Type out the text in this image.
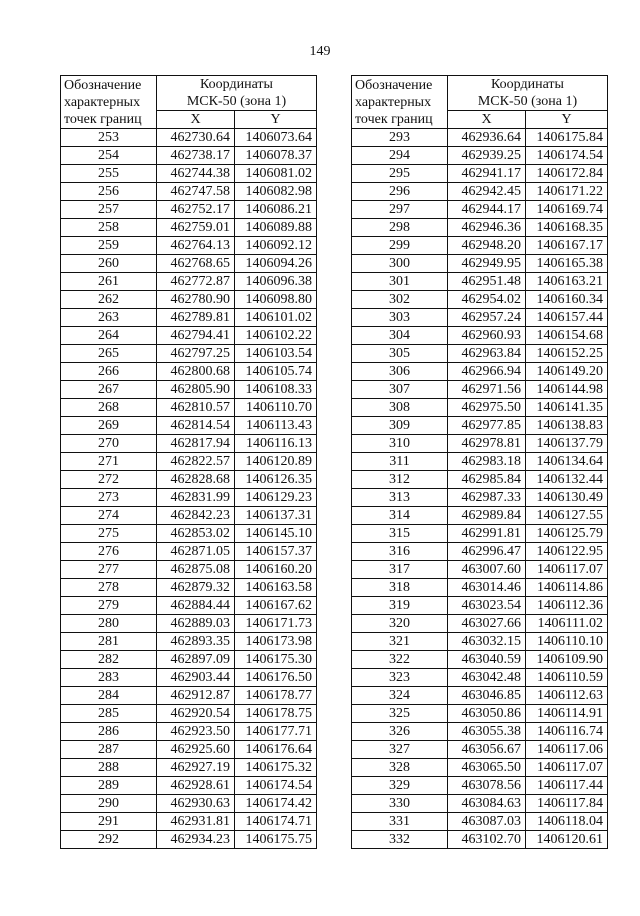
149
Обозначение
характерных
точек границ	Координаты
МСК-50 (зона 1)	
	X	Y
253	462730.64	1406073.64
254	462738.17	1406078.37
255	462744.38	1406081.02
256	462747.58	1406082.98
257	462752.17	1406086.21
258	462759.01	1406089.88
259	462764.13	1406092.12
260	462768.65	1406094.26
261	462772.87	1406096.38
262	462780.90	1406098.80
263	462789.81	1406101.02
264	462794.41	1406102.22
265	462797.25	1406103.54
266	462800.68	1406105.74
267	462805.90	1406108.33
268	462810.57	1406110.70
269	462814.54	1406113.43
270	462817.94	1406116.13
271	462822.57	1406120.89
272	462828.68	1406126.35
273	462831.99	1406129.23
274	462842.23	1406137.31
275	462853.02	1406145.10
276	462871.05	1406157.37
277	462875.08	1406160.20
278	462879.32	1406163.58
279	462884.44	1406167.62
280	462889.03	1406171.73
281	462893.35	1406173.98
282	462897.09	1406175.30
283	462903.44	1406176.50
284	462912.87	1406178.77
285	462920.54	1406178.75
286	462923.50	1406177.71
287	462925.60	1406176.64
288	462927.19	1406175.32
289	462928.61	1406174.54
290	462930.63	1406174.42
291	462931.81	1406174.71
292	462934.23	1406175.75
Обозначение
характерных
точек границ	Координаты
МСК-50 (зона 1)	
	X	Y
293	462936.64	1406175.84
294	462939.25	1406174.54
295	462941.17	1406172.84
296	462942.45	1406171.22
297	462944.17	1406169.74
298	462946.36	1406168.35
299	462948.20	1406167.17
300	462949.95	1406165.38
301	462951.48	1406163.21
302	462954.02	1406160.34
303	462957.24	1406157.44
304	462960.93	1406154.68
305	462963.84	1406152.25
306	462966.94	1406149.20
307	462971.56	1406144.98
308	462975.50	1406141.35
309	462977.85	1406138.83
310	462978.81	1406137.79
311	462983.18	1406134.64
312	462985.84	1406132.44
313	462987.33	1406130.49
314	462989.84	1406127.55
315	462991.81	1406125.79
316	462996.47	1406122.95
317	463007.60	1406117.07
318	463014.46	1406114.86
319	463023.54	1406112.36
320	463027.66	1406111.02
321	463032.15	1406110.10
322	463040.59	1406109.90
323	463042.48	1406110.59
324	463046.85	1406112.63
325	463050.86	1406114.91
326	463055.38	1406116.74
327	463056.67	1406117.06
328	463065.50	1406117.07
329	463078.56	1406117.44
330	463084.63	1406117.84
331	463087.03	1406118.04
332	463102.70	1406120.61
